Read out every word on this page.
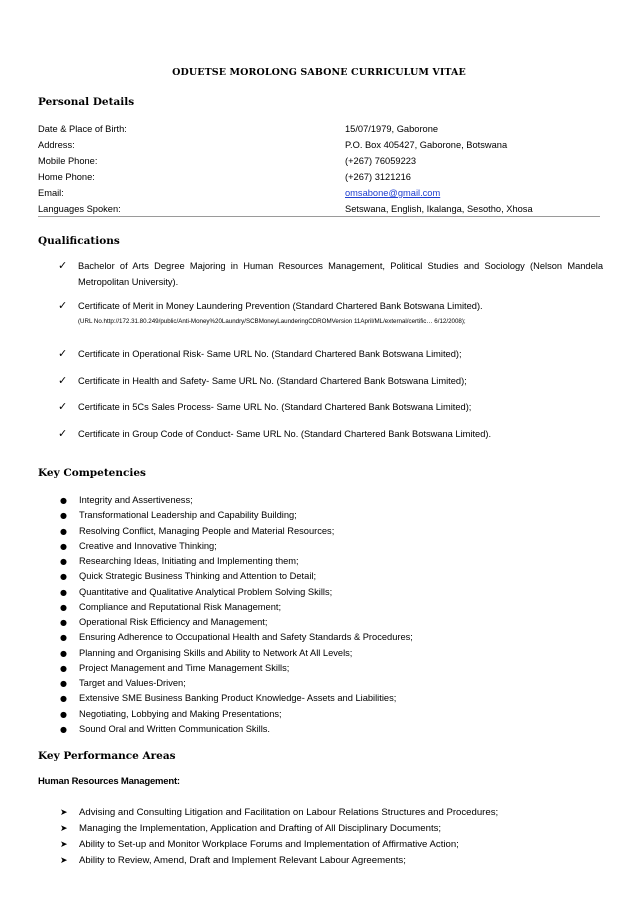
ODUETSE MOROLONG SABONE CURRICULUM VITAE
Personal Details
Date & Place of Birth:	15/07/1979, Gaborone
Address:	P.O. Box 405427, Gaborone, Botswana
Mobile Phone:	(+267) 76059223
Home Phone:	(+267) 3121216
Email:	omsabone@gmail.com
Languages Spoken:	Setswana, English, Ikalanga, Sesotho, Xhosa
Qualifications
✓	Bachelor of Arts Degree Majoring in Human Resources Management, Political Studies and Sociology (Nelson Mandela Metropolitan University).
✓	Certificate of Merit in Money Laundering Prevention (Standard Chartered Bank Botswana Limited).
(URL No.http://172.31.80.249/public/Anti-Money%20Laundry/SCBMoneyLaunderingCDROMVersion 11April/ML/external/certific… 6/12/2008);
✓	Certificate in Operational Risk- Same URL No. (Standard Chartered Bank Botswana Limited);
✓	Certificate in Health and Safety- Same URL No. (Standard Chartered Bank Botswana Limited);
✓	Certificate in 5Cs Sales Process- Same URL No. (Standard Chartered Bank Botswana Limited);
✓	Certificate in Group Code of Conduct- Same URL No. (Standard Chartered Bank Botswana Limited).
Key Competencies
● Integrity and Assertiveness;
● Transformational Leadership and Capability Building;
● Resolving Conflict, Managing People and Material Resources;
● Creative and Innovative Thinking;
● Researching Ideas, Initiating and Implementing them;
● Quick Strategic Business Thinking and Attention to Detail;
● Quantitative and Qualitative Analytical Problem Solving Skills;
● Compliance and Reputational Risk Management;
● Operational Risk Efficiency and Management;
● Ensuring Adherence to Occupational Health and Safety Standards & Procedures;
● Planning and Organising Skills and Ability to Network At All Levels;
● Project Management and Time Management Skills;
● Target and Values-Driven;
● Extensive SME Business Banking Product Knowledge- Assets and Liabilities;
● Negotiating, Lobbying and Making Presentations;
● Sound Oral and Written Communication Skills.
Key Performance Areas
Human Resources Management:
➤ Advising and Consulting Litigation and Facilitation on Labour Relations Structures and Procedures;
➤ Managing the Implementation, Application and Drafting of All Disciplinary Documents;
➤ Ability to Set-up and Monitor Workplace Forums and Implementation of Affirmative Action;
➤ Ability to Review, Amend, Draft and Implement Relevant Labour Agreements;
